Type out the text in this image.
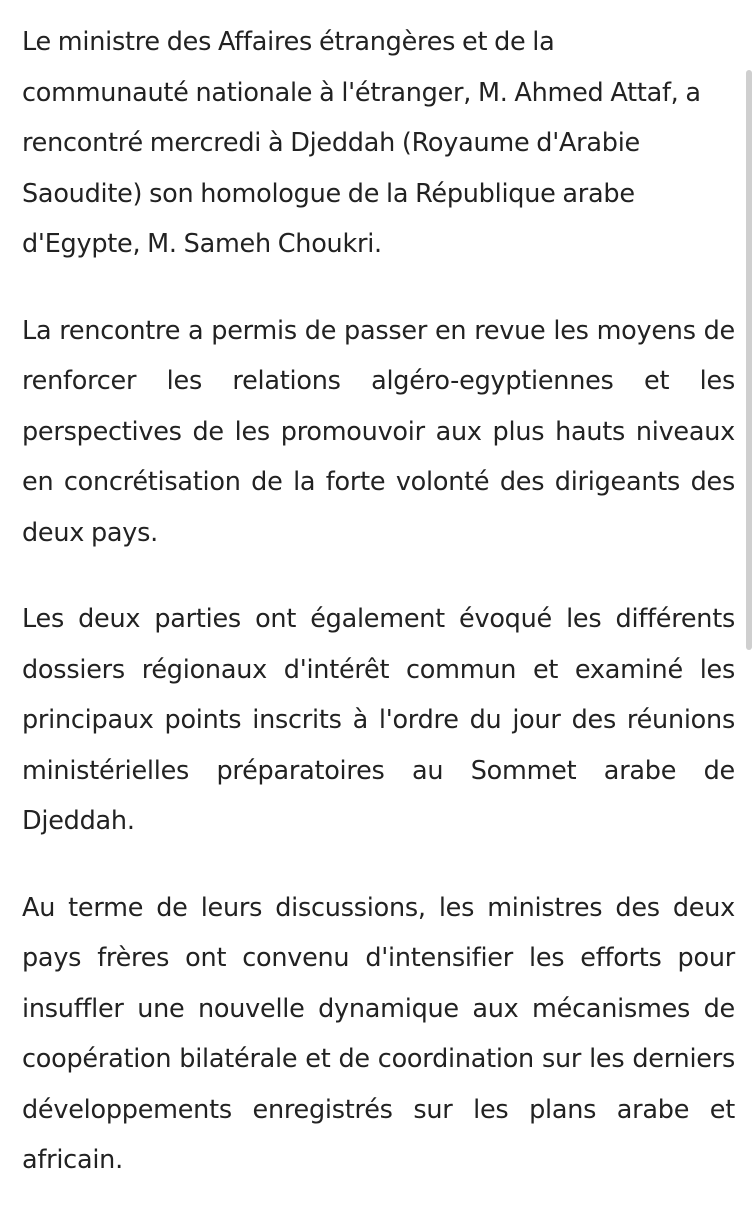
Le ministre des Affaires étrangères et de la communauté nationale à l'étranger, M. Ahmed Attaf, a rencontré mercredi à Djeddah (Royaume d'Arabie Saoudite) son homologue de la République arabe d'Egypte, M. Sameh Choukri.

La rencontre a permis de passer en revue les moyens de renforcer les relations algéro-egyptiennes et les perspectives de les promouvoir aux plus hauts niveaux en concrétisation de la forte volonté des dirigeants des deux pays.

Les deux parties ont également évoqué les différents dossiers régionaux d'intérêt commun et examiné les principaux points inscrits à l'ordre du jour des réunions ministérielles préparatoires au Sommet arabe de Djeddah.

Au terme de leurs discussions, les ministres des deux pays frères ont convenu d'intensifier les efforts pour insuffler une nouvelle dynamique aux mécanismes de coopération bilatérale et de coordination sur les derniers développements enregistrés sur les plans arabe et africain.
